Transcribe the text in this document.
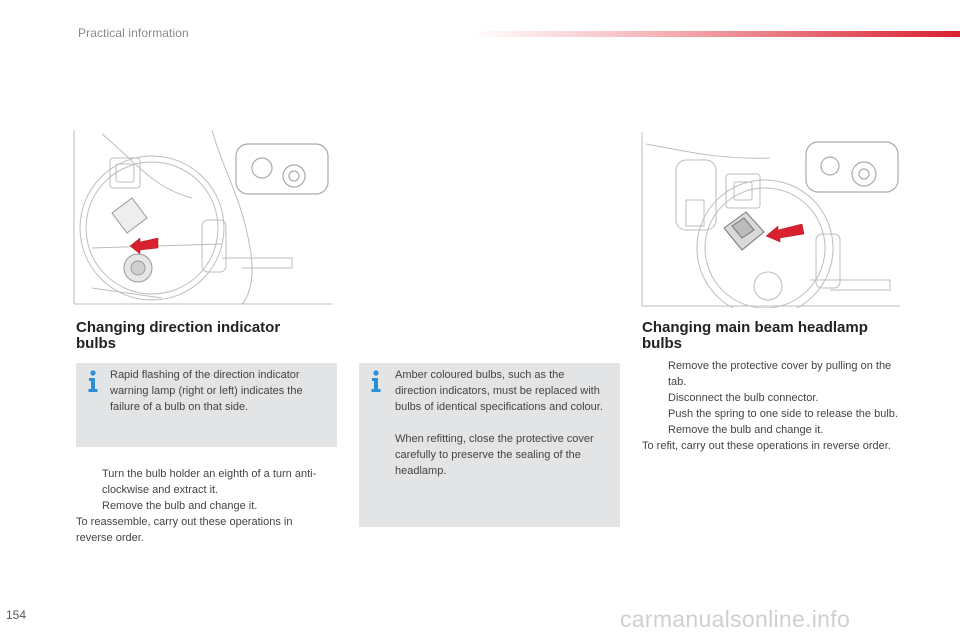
Practical information
Changing direction indicator bulbs

Rapid flashing of the direction indicator warning lamp (right or left) indicates the failure of a bulb on that side.

Amber coloured bulbs, such as the direction indicators, must be replaced with bulbs of identical specifications and colour.

When refitting, close the protective cover carefully to preserve the sealing of the headlamp.

Turn the bulb holder an eighth of a turn anti-clockwise and extract it.
Remove the bulb and change it.
To reassemble, carry out these operations in reverse order.
Changing main beam headlamp bulbs
Remove the protective cover by pulling on the tab.
Disconnect the bulb connector.
Push the spring to one side to release the bulb.
Remove the bulb and change it.
To refit, carry out these operations in reverse order.
154	carmanualsonline.info
